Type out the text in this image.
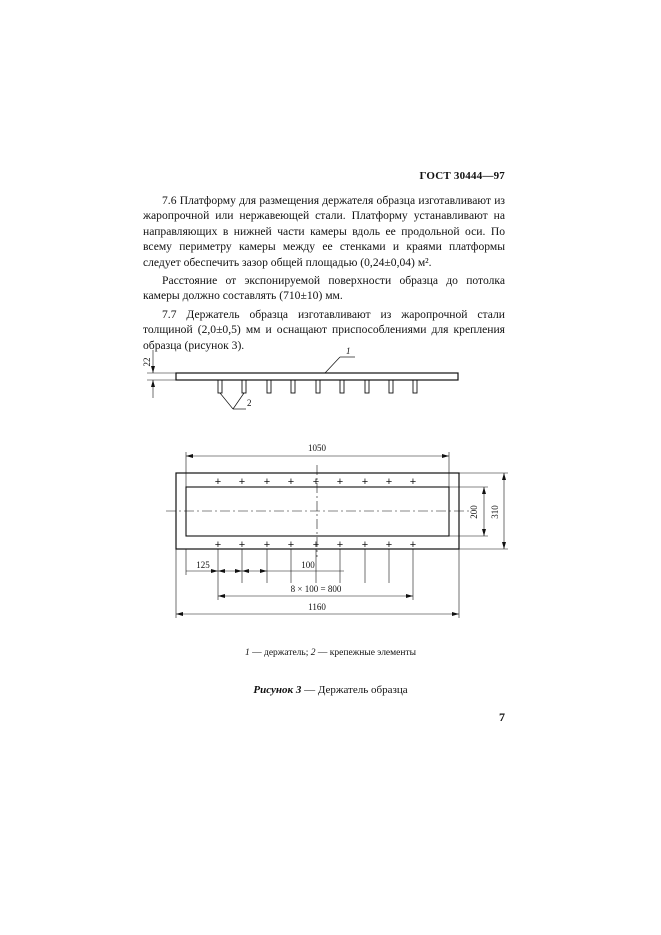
ГОСТ 30444—97

7.6 Платформу для размещения держателя образца изготавливают из жаропрочной или нержавеющей стали. Платформу устанавливают на направляющих в нижней части камеры вдоль ее продольной оси. По всему периметру камеры между ее стенками и краями платформы следует обеспечить зазор общей площадью (0,24±0,04) м².

Расстояние от экспонируемой поверхности образца до потолка камеры должно составлять (710±10) мм.

7.7 Держатель образца изготавливают из жаропрочной стали толщиной (2,0±0,5) мм и оснащают приспособлениями для крепления образца (рисунок 3).

+ + + + + + + + +
+ + + + + + + + +
1
2
22
1050
200 310
125	100
8 × 100 = 800
1160
1 — держатель; 2 — крепежные элементы
Рисунок 3 — Держатель образца
7
